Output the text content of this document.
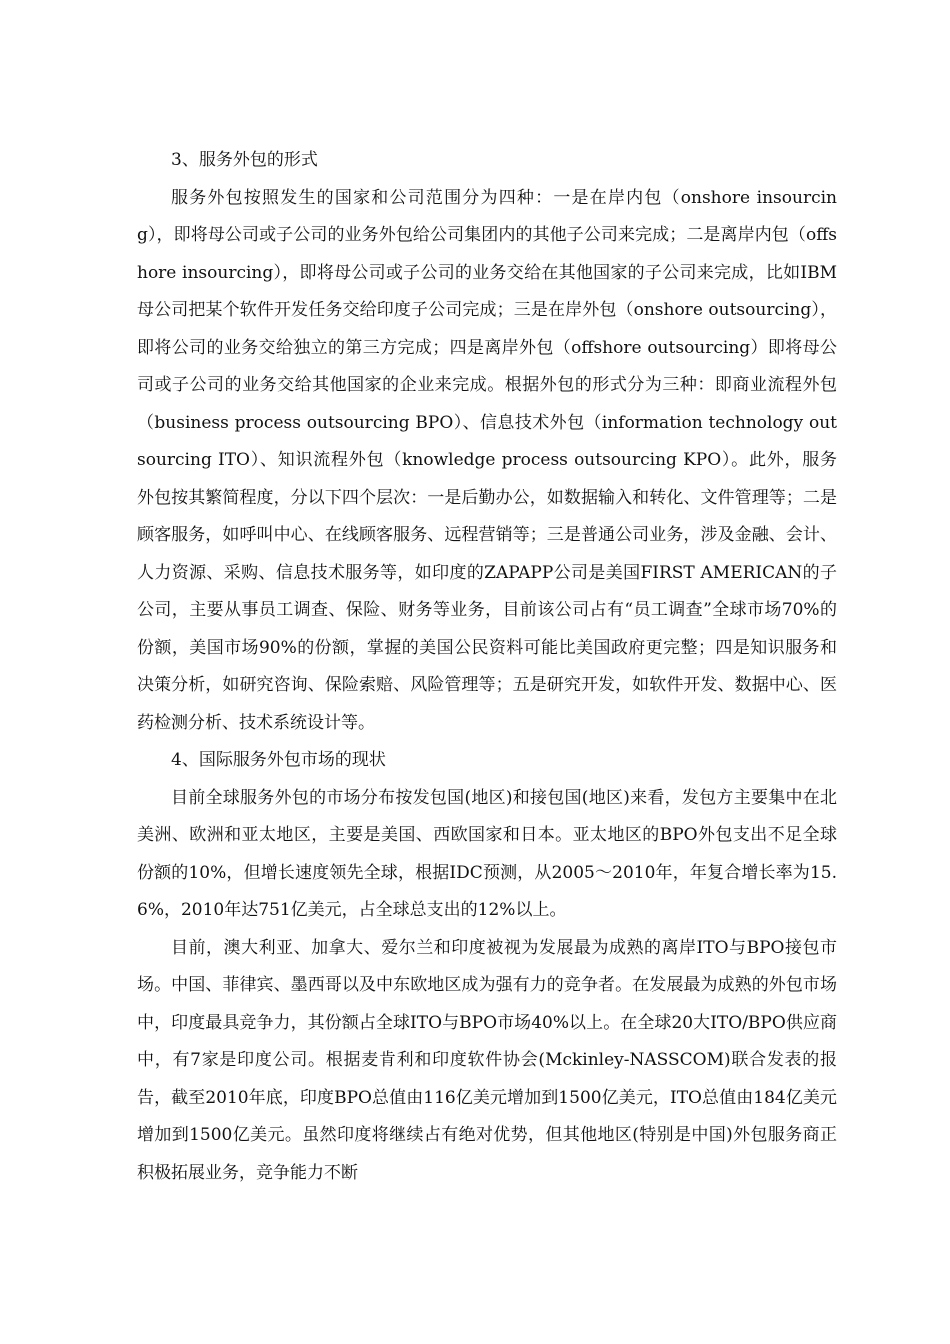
3、服务外包的形式

服务外包按照发生的国家和公司范围分为四种：一是在岸内包（onshore insourcing），即将母公司或子公司的业务外包给公司集团内的其他子公司来完成；二是离岸内包（offshore insourcing），即将母公司或子公司的业务交给在其他国家的子公司来完成，比如IBM母公司把某个软件开发任务交给印度子公司完成；三是在岸外包（onshore outsourcing），即将公司的业务交给独立的第三方完成；四是离岸外包（offshore outsourcing）即将母公司或子公司的业务交给其他国家的企业来完成。根据外包的形式分为三种：即商业流程外包（business process outsourcing BPO）、信息技术外包（information technology outsourcing ITO）、知识流程外包（knowledge process outsourcing KPO）。此外，服务外包按其繁简程度，分以下四个层次：一是后勤办公，如数据输入和转化、文件管理等；二是顾客服务，如呼叫中心、在线顾客服务、远程营销等；三是普通公司业务，涉及金融、会计、人力资源、采购、信息技术服务等，如印度的ZAPAPP公司是美国FIRST AMERICAN的子公司，主要从事员工调查、保险、财务等业务，目前该公司占有“员工调查”全球市场70%的份额，美国市场90%的份额，掌握的美国公民资料可能比美国政府更完整；四是知识服务和决策分析，如研究咨询、保险索赔、风险管理等；五是研究开发，如软件开发、数据中心、医药检测分析、技术系统设计等。

4、国际服务外包市场的现状

目前全球服务外包的市场分布按发包国(地区)和接包国(地区)来看，发包方主要集中在北美洲、欧洲和亚太地区，主要是美国、西欧国家和日本。亚太地区的BPO外包支出不足全球份额的10%，但增长速度领先全球，根据IDC预测，从2005～2010年，年复合增长率为15.6%，2010年达751亿美元，占全球总支出的12%以上。

目前，澳大利亚、加拿大、爱尔兰和印度被视为发展最为成熟的离岸ITO与BPO接包市场。中国、菲律宾、墨西哥以及中东欧地区成为强有力的竞争者。在发展最为成熟的外包市场中，印度最具竞争力，其份额占全球ITO与BPO市场40%以上。在全球20大ITO/BPO供应商中，有7家是印度公司。根据麦肯利和印度软件协会(Mckinley-NASSCOM)联合发表的报告，截至2010年底，印度BPO总值由116亿美元增加到1500亿美元，ITO总值由184亿美元增加到1500亿美元。虽然印度将继续占有绝对优势，但其他地区(特别是中国)外包服务商正积极拓展业务，竞争能力不断
